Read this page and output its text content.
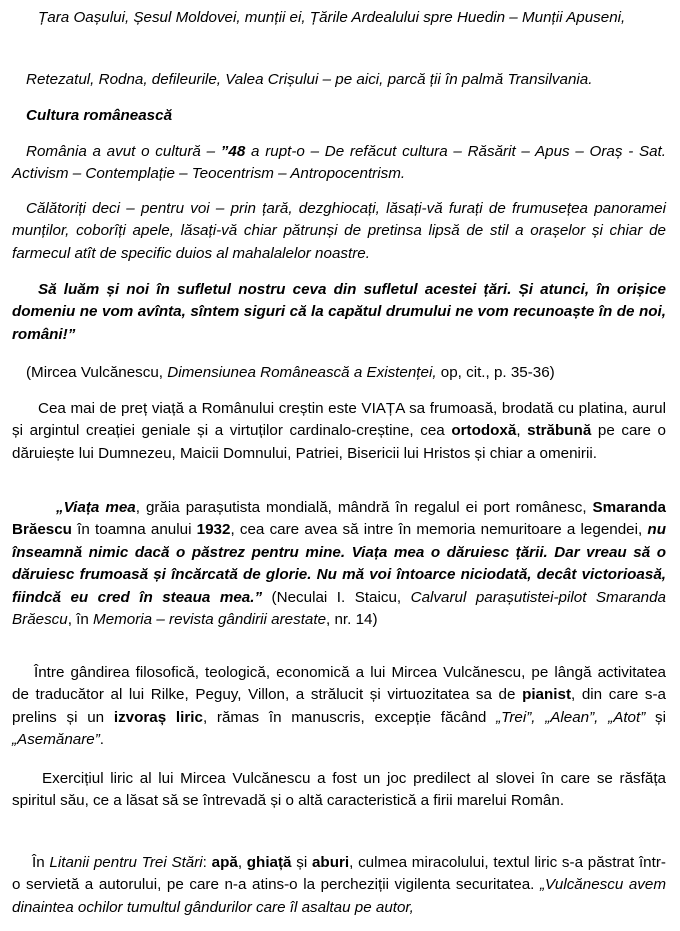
Țara Oașului, Șesul Moldovei, munții ei, Țările Ardealului spre Huedin – Munții Apuseni,

Retezatul, Rodna, defileurile, Valea Crișului – pe aici, parcă ții în palmă Transilvania.

Cultura românească

România a avut o cultură – ”48 a rupt-o – De refăcut cultura – Răsărit – Apus – Oraș - Sat. Activism – Contemplație – Teocentrism – Antropocentrism.

Călătoriți deci – pentru voi – prin țară, dezghiocați, lăsați-vă furați de frumusețea panoramei munților, coborîți apele, lăsați-vă chiar pătrunși de pretinsa lipsă de stil a orașelor și chiar de farmecul atît de specific duios al mahalalelor noastre.

Să luăm și noi în sufletul nostru ceva din sufletul acestei țări. Și atunci, în orișice domeniu ne vom avînta, sîntem siguri că la capătul drumului ne vom recunoaște în de noi, români!”

(Mircea Vulcănescu, Dimensiunea Românească a Existenței, op, cit., p. 35-36)

Cea mai de preț viață a Românului creștin este VIAȚA sa frumoasă, brodată cu platina, aurul și argintul creației geniale și a virtuților cardinalo-creștine, cea ortodoxă, străbună pe care o dăruiește lui Dumnezeu, Maicii Domnului, Patriei, Bisericii lui Hristos și chiar a omenirii.

„Viața mea, grăia parașutista mondială, mândră în regalul ei port românesc, Smaranda Brăescu în toamna anului 1932, cea care avea să intre în memoria nemuritoare a legendei, nu înseamnă nimic dacă o păstrez pentru mine. Viața mea o dăruiesc țării. Dar vreau să o dăruiesc frumoasă și încărcată de glorie. Nu mă voi întoarce niciodată, decât victorioasă, fiindcă eu cred în steaua mea.” (Neculai I. Staicu, Calvarul parașutistei-pilot Smaranda Brăescu, în Memoria – revista gândirii arestate, nr. 14)

Între gândirea filosofică, teologică, economică a lui Mircea Vulcănescu, pe lângă activitatea de traducător al lui Rilke, Peguy, Villon, a strălucit și virtuozitatea sa de pianist, din care s-a prelins și un izvoraș liric, rămas în manuscris, excepție făcând „Trei”, „Alean”, „Atot” și „Asemănare”.

Exercițiul liric al lui Mircea Vulcănescu a fost un joc predilect al slovei în care se răsfăța spiritul său, ce a lăsat să se întrevadă și o altă caracteristică a firii marelui Român.

În Litanii pentru Trei Stări: apă, ghiață și aburi, culmea miracolului, textul liric s-a păstrat într-o servietă a autorului, pe care n-a atins-o la percheziții vigilenta securitatea. „Vulcănescu avem dinaintea ochilor tumultul gândurilor care îl asaltau pe autor,
